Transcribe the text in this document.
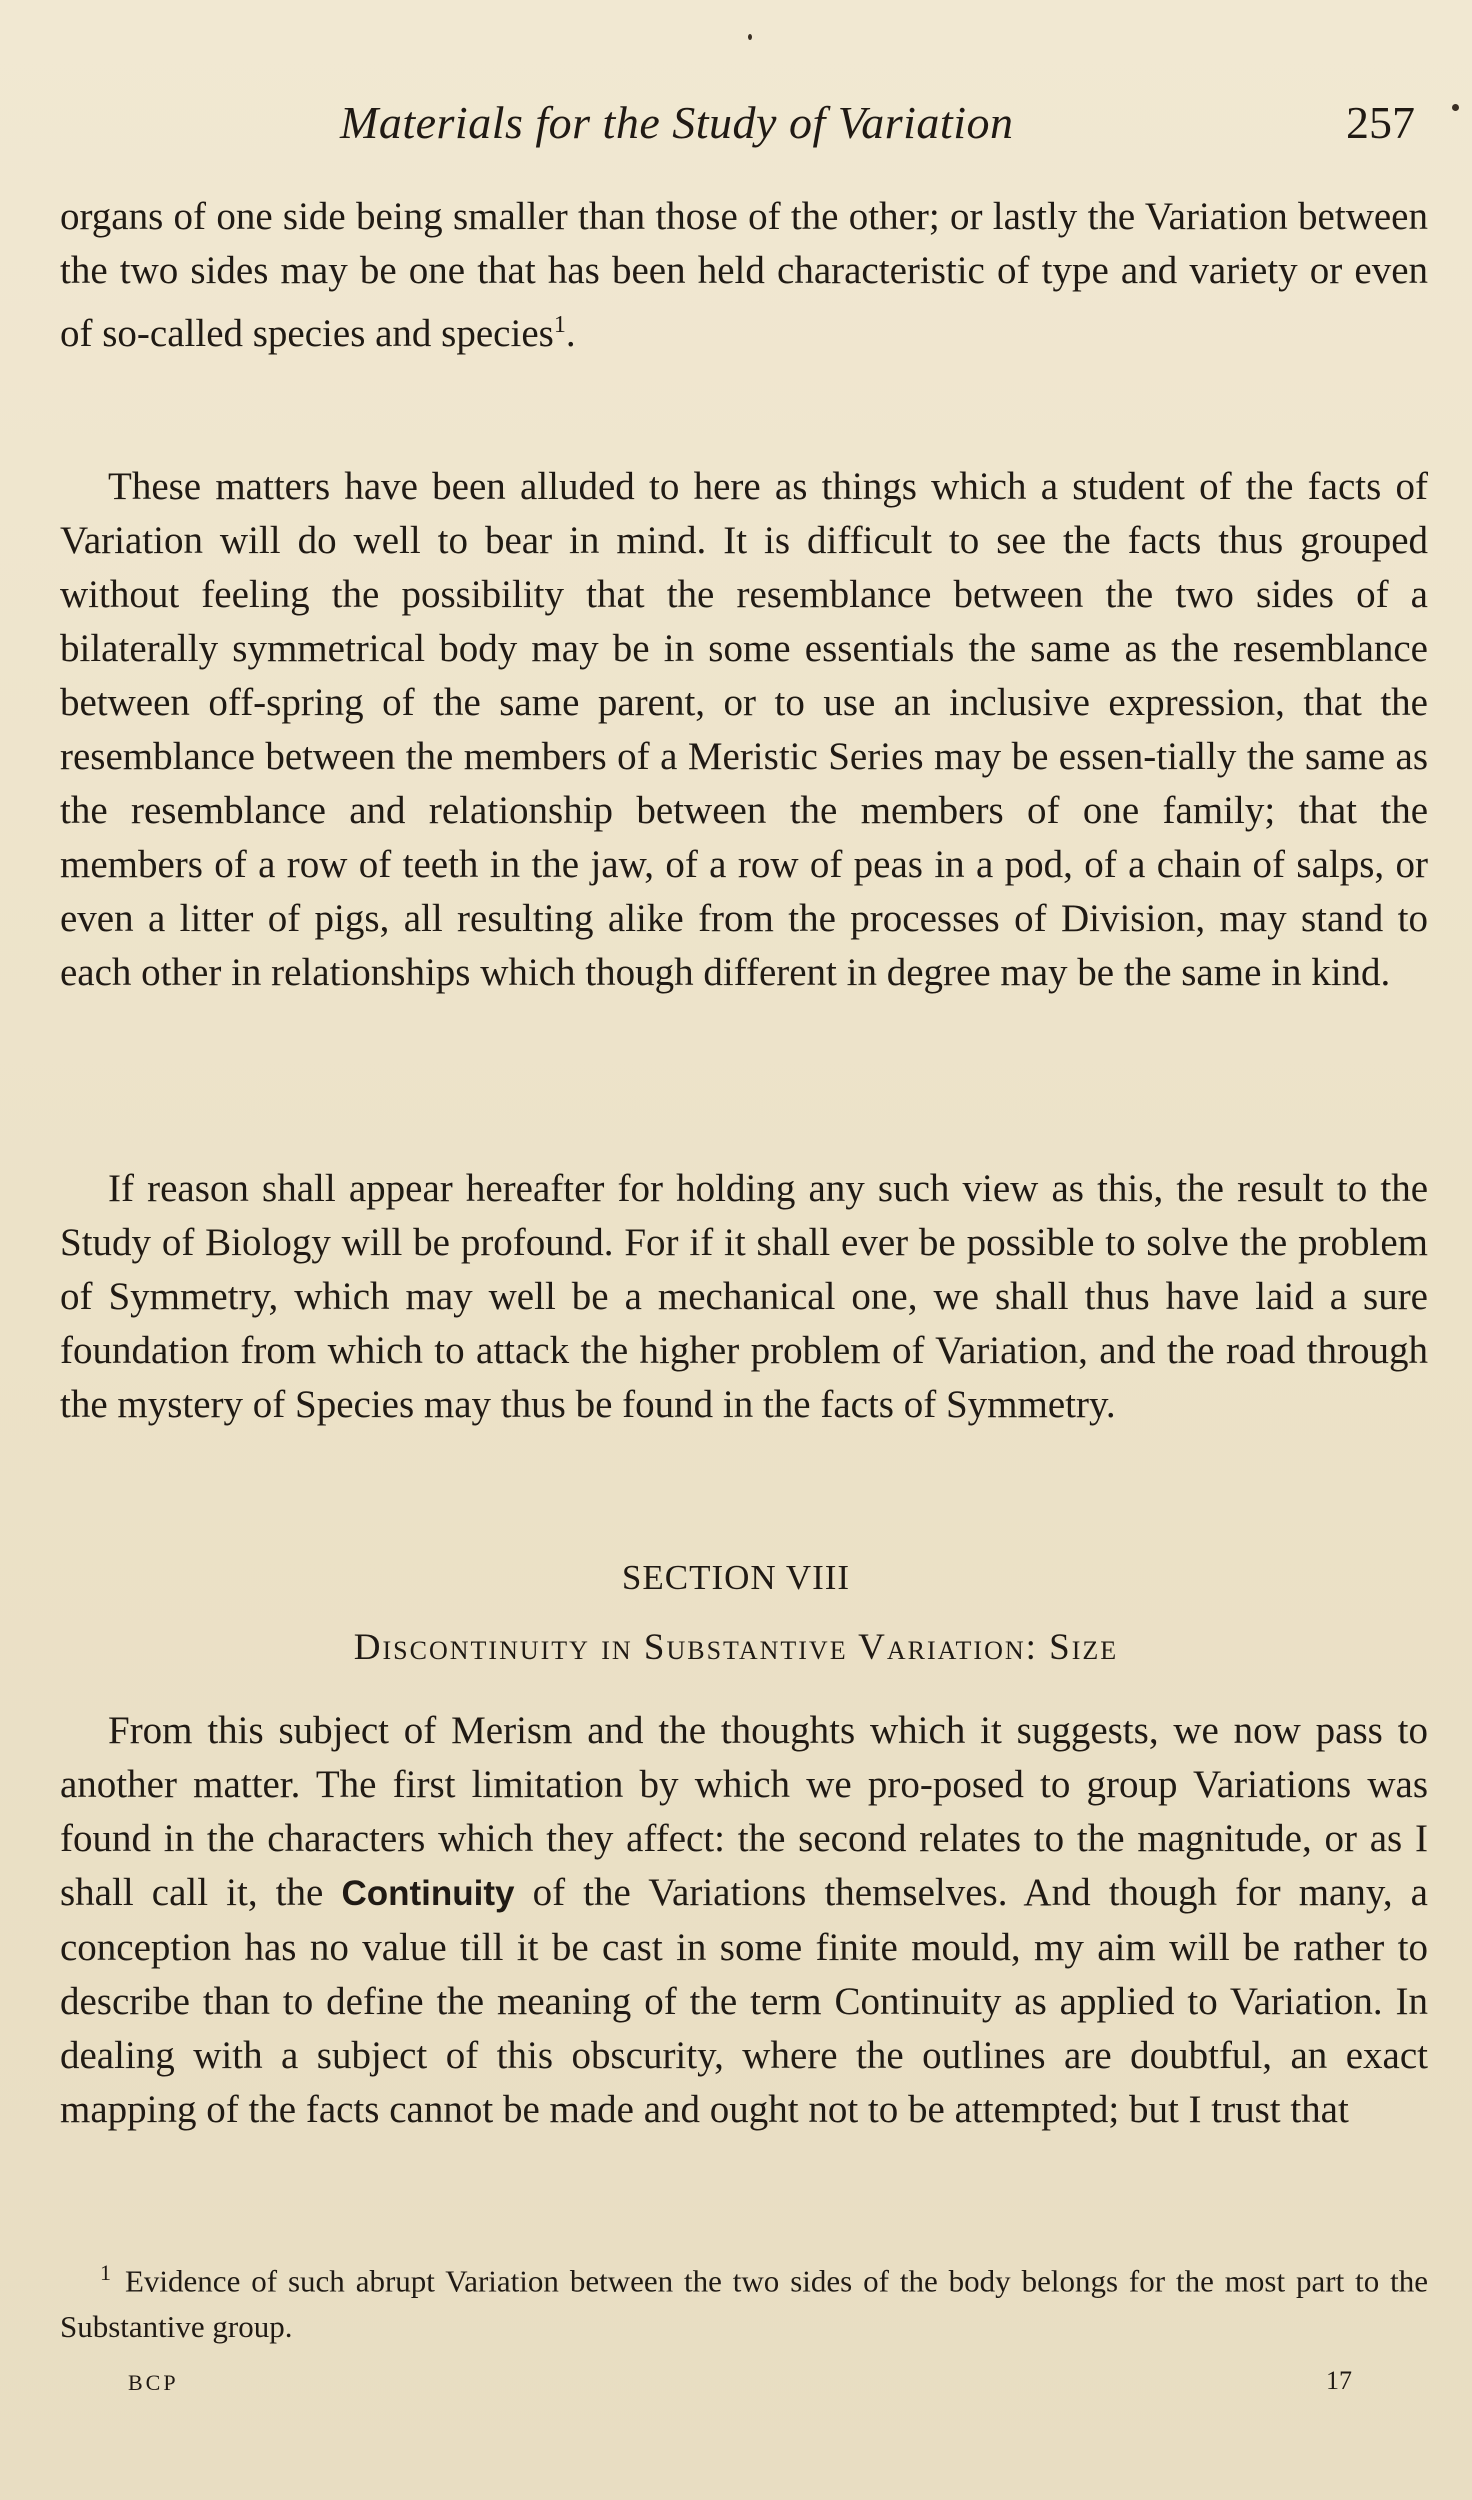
Materials for the Study of Variation	257
organs of one side being smaller than those of the other; or lastly the Variation between the two sides may be one that has been held characteristic of type and variety or even of so-called species and species$^1$.
These matters have been alluded to here as things which a student of the facts of Variation will do well to bear in mind. It is difficult to see the facts thus grouped without feeling the possibility that the resemblance between the two sides of a bilaterally symmetrical body may be in some essentials the same as the resemblance between off-spring of the same parent, or to use an inclusive expression, that the resemblance between the members of a Meristic Series may be essen-tially the same as the resemblance and relationship between the members of one family; that the members of a row of teeth in the jaw, of a row of peas in a pod, of a chain of salps, or even a litter of pigs, all resulting alike from the processes of Division, may stand to each other in relationships which though different in degree may be the same in kind.
If reason shall appear hereafter for holding any such view as this, the result to the Study of Biology will be profound. For if it shall ever be possible to solve the problem of Symmetry, which may well be a mechanical one, we shall thus have laid a sure foundation from which to attack the higher problem of Variation, and the road through the mystery of Species may thus be found in the facts of Symmetry.
SECTION VIII
Discontinuity in Substantive Variation: Size
From this subject of Merism and the thoughts which it suggests, we now pass to another matter. The first limitation by which we pro-posed to group Variations was found in the characters which they affect: the second relates to the magnitude, or as I shall call it, the Continuity of the Variations themselves. And though for many, a conception has no value till it be cast in some finite mould, my aim will be rather to describe than to define the meaning of the term Continuity as applied to Variation. In dealing with a subject of this obscurity, where the outlines are doubtful, an exact mapping of the facts cannot be made and ought not to be attempted; but I trust that
$^1$ Evidence of such abrupt Variation between the two sides of the body belongs for the most part to the Substantive group.
BCP	17
